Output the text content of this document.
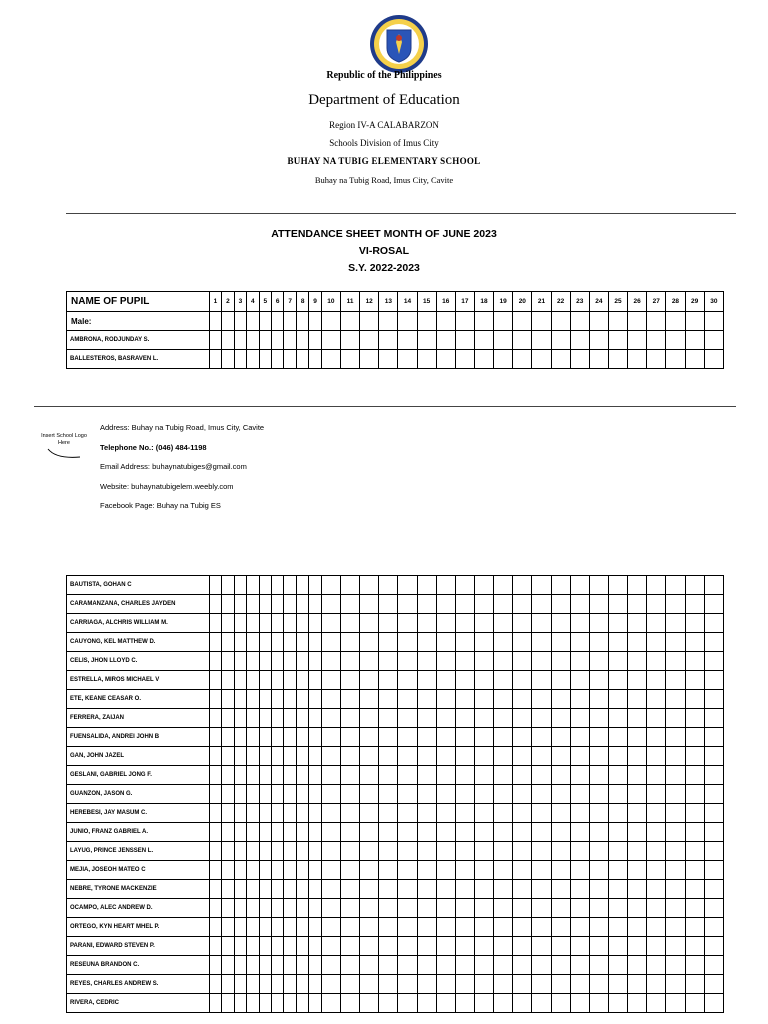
Republic of the Philippines
Department of Education
Region IV-A CALABARZON
Schools Division of Imus City
BUHAY NA TUBIG ELEMENTARY SCHOOL
Buhay na Tubig Road, Imus City, Cavite
ATTENDANCE SHEET MONTH OF JUNE 2023
VI-ROSAL
S.Y. 2022-2023
NAME OF PUPIL	1	2	3	4	5	6	7	8	9	10	11	12	13	14	15	16	17	18	19	20	21	22	23	24	25	26	27	28	29	30
Male:																														
AMBRONA, RODJUNDAY S.																														
BALLESTEROS, BASRAVEN L.																														
Insert School Logo Here
Address: Buhay na Tubig Road, Imus City, Cavite
Telephone No.: (046) 484-1198
Email Address: buhaynatubiges@gmail.com
Website: buhaynatubigelem.weebly.com
Facebook Page: Buhay na Tubig ES
BAUTISTA, GOHAN C																														
CARAMANZANA, CHARLES JAYDEN																														
CARRIAGA, ALCHRIS WILLIAM M.																														
CAUYONG, KEL MATTHEW D.																														
CELIS, JHON LLOYD C.																														
ESTRELLA, MIROS MICHAEL V																														
ETE, KEANE CEASAR O.																														
FERRERA, ZAIJAN																														
FUENSALIDA, ANDREI JOHN B																														
GAN, JOHN JAZEL																														
GESLANI, GABRIEL JONG F.																														
GUANZON, JASON G.																														
HEREBESI, JAY MASUM C.																														
JUNIO, FRANZ GABRIEL A.																														
LAYUG, PRINCE JENSSEN L.																														
MEJIA, JOSEOH MATEO C																														
NEBRE, TYRONE MACKENZIE																														
OCAMPO, ALEC ANDREW D.																														
ORTEGO, KYN HEART MHEL P.																														
PARANI, EDWARD STEVEN P.																														
RESEUNA BRANDON C.																														
REYES, CHARLES ANDREW S.																														
RIVERA, CEDRIC																														
